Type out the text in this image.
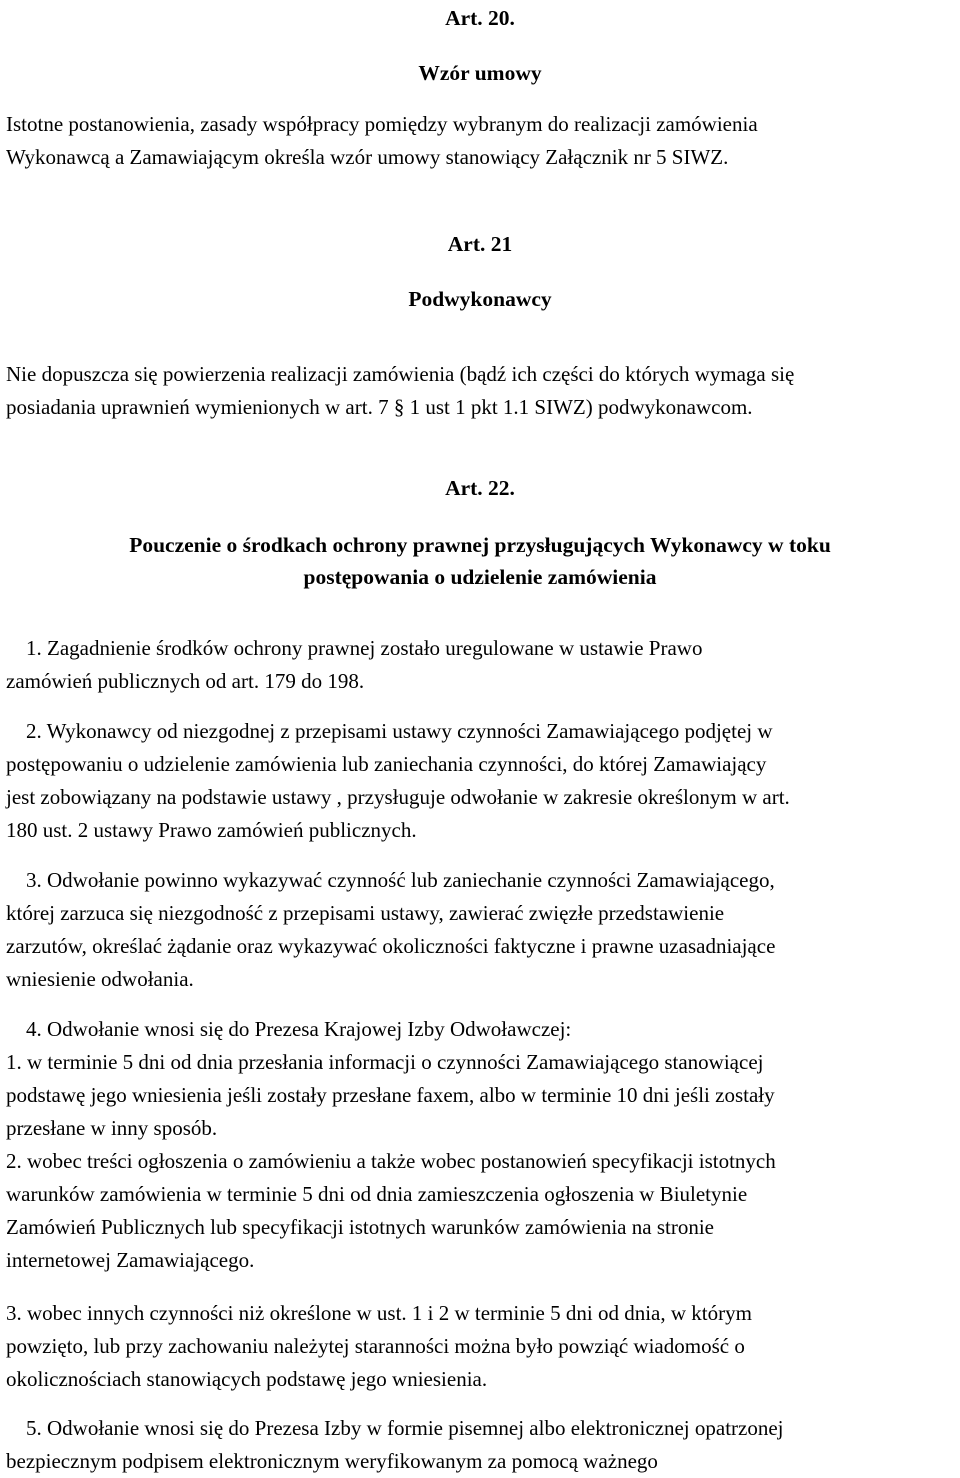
Art. 20.

Wzór umowy

Istotne postanowienia, zasady współpracy pomiędzy wybranym do realizacji zamówienia
Wykonawcą a Zamawiającym określa wzór umowy stanowiący Załącznik nr 5 SIWZ.

Art. 21

Podwykonawcy

Nie dopuszcza się powierzenia realizacji zamówienia (bądź ich części do których wymaga się
posiadania uprawnień wymienionych w art. 7 § 1 ust 1 pkt 1.1 SIWZ) podwykonawcom.

Art. 22.

Pouczenie o środkach ochrony prawnej przysługujących Wykonawcy w toku
postępowania o udzielenie zamówienia

1. Zagadnienie środków ochrony prawnej zostało uregulowane w ustawie Prawo
zamówień publicznych od art. 179 do 198.

2. Wykonawcy od niezgodnej z przepisami ustawy czynności Zamawiającego podjętej w
postępowaniu o udzielenie zamówienia lub zaniechania czynności, do której Zamawiający
jest zobowiązany na podstawie ustawy , przysługuje odwołanie w zakresie określonym w art.
180 ust. 2 ustawy Prawo zamówień publicznych.

3. Odwołanie powinno wykazywać czynność lub zaniechanie czynności Zamawiającego,
której zarzuca się niezgodność z przepisami ustawy, zawierać zwięzłe przedstawienie
zarzutów, określać żądanie oraz wykazywać okoliczności faktyczne i prawne uzasadniające
wniesienie odwołania.

4. Odwołanie wnosi się do Prezesa Krajowej Izby Odwoławczej:
1. w terminie 5 dni od dnia przesłania informacji o czynności Zamawiającego stanowiącej
podstawę jego wniesienia jeśli zostały przesłane faxem, albo w terminie 10 dni jeśli zostały
przesłane w inny sposób.
2. wobec treści ogłoszenia o zamówieniu a także wobec postanowień specyfikacji istotnych
warunków zamówienia w terminie 5 dni od dnia zamieszczenia ogłoszenia w Biuletynie
Zamówień Publicznych lub specyfikacji istotnych warunków zamówienia na stronie
internetowej Zamawiającego.

3. wobec innych czynności niż określone w ust. 1 i 2 w terminie 5 dni od dnia, w którym
powzięto, lub przy zachowaniu należytej staranności można było powziąć wiadomość o
okolicznościach stanowiących podstawę jego wniesienia.

5. Odwołanie wnosi się do Prezesa Izby w formie pisemnej albo elektronicznej opatrzonej
bezpiecznym podpisem elektronicznym weryfikowanym za pomocą ważnego
